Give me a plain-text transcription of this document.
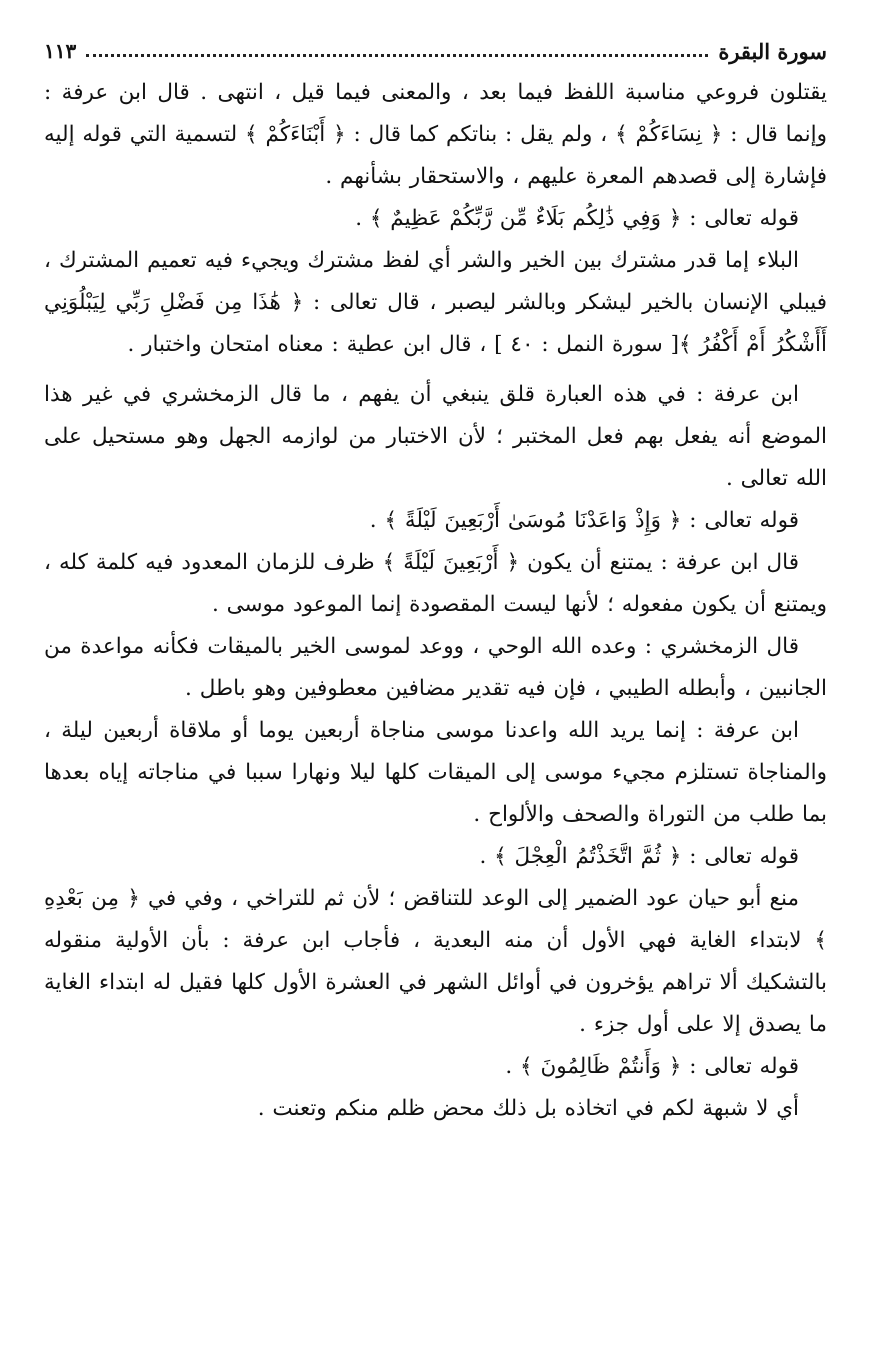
سورة البقرة
١١٣

يقتلون فروعي مناسبة اللفظ فيما بعد ، والمعنى فيما قيل ، انتهى . قال ابن عرفة : وإنما قال : ﴿ نِسَاءَكُمْ ﴾ ، ولم يقل : بناتكم كما قال : ﴿ أَبْنَاءَكُمْ ﴾ لتسمية التي قوله إليه فإشارة إلى قصدهم المعرة عليهم ، والاستحقار بشأنهم .

قوله تعالى : ﴿ وَفِي ذَٰلِكُم بَلَاءٌ مِّن رَّبِّكُمْ عَظِيمٌ ﴾ .

البلاء إما قدر مشترك بين الخير والشر أي لفظ مشترك ويجيء فيه تعميم المشترك ، فيبلي الإنسان بالخير ليشكر وبالشر ليصبر ، قال تعالى : ﴿ هَٰذَا مِن فَضْلِ رَبِّي لِيَبْلُوَنِي أَأَشْكُرُ أَمْ أَكْفُرُ ﴾[ سورة النمل : ٤٠ ] ، قال ابن عطية : معناه امتحان واختبار .

ابن عرفة : في هذه العبارة قلق ينبغي أن يفهم ، ما قال الزمخشري في غير هذا الموضع أنه يفعل بهم فعل المختبر ؛ لأن الاختبار من لوازمه الجهل وهو مستحيل على الله تعالى .

قوله تعالى : ﴿ وَإِذْ وَاعَدْنَا مُوسَىٰ أَرْبَعِينَ لَيْلَةً ﴾ .

قال ابن عرفة : يمتنع أن يكون ﴿ أَرْبَعِينَ لَيْلَةً ﴾ ظرف للزمان المعدود فيه كلمة كله ، ويمتنع أن يكون مفعوله ؛ لأنها ليست المقصودة إنما الموعود موسى .

قال الزمخشري : وعده الله الوحي ، ووعد لموسى الخير بالميقات فكأنه مواعدة من الجانبين ، وأبطله الطيبي ، فإن فيه تقدير مضافين معطوفين وهو باطل .

ابن عرفة : إنما يريد الله واعدنا موسى مناجاة أربعين يوما أو ملاقاة أربعين ليلة ، والمناجاة تستلزم مجيء موسى إلى الميقات كلها ليلا ونهارا سببا في مناجاته إياه بعدها بما طلب من التوراة والصحف والألواح .

قوله تعالى : ﴿ ثُمَّ اتَّخَذْتُمُ الْعِجْلَ ﴾ .

منع أبو حيان عود الضمير إلى الوعد للتناقض ؛ لأن ثم للتراخي ، وفي في ﴿ مِن بَعْدِهِ ﴾ لابتداء الغاية فهي الأول أن منه البعدية ، فأجاب ابن عرفة : بأن الأولية منقوله بالتشكيك ألا تراهم يؤخرون في أوائل الشهر في العشرة الأول كلها فقيل له ابتداء الغاية ما يصدق إلا على أول جزء .

قوله تعالى : ﴿ وَأَنتُمْ ظَالِمُونَ ﴾ .

أي لا شبهة لكم في اتخاذه بل ذلك محض ظلم منكم وتعنت .
